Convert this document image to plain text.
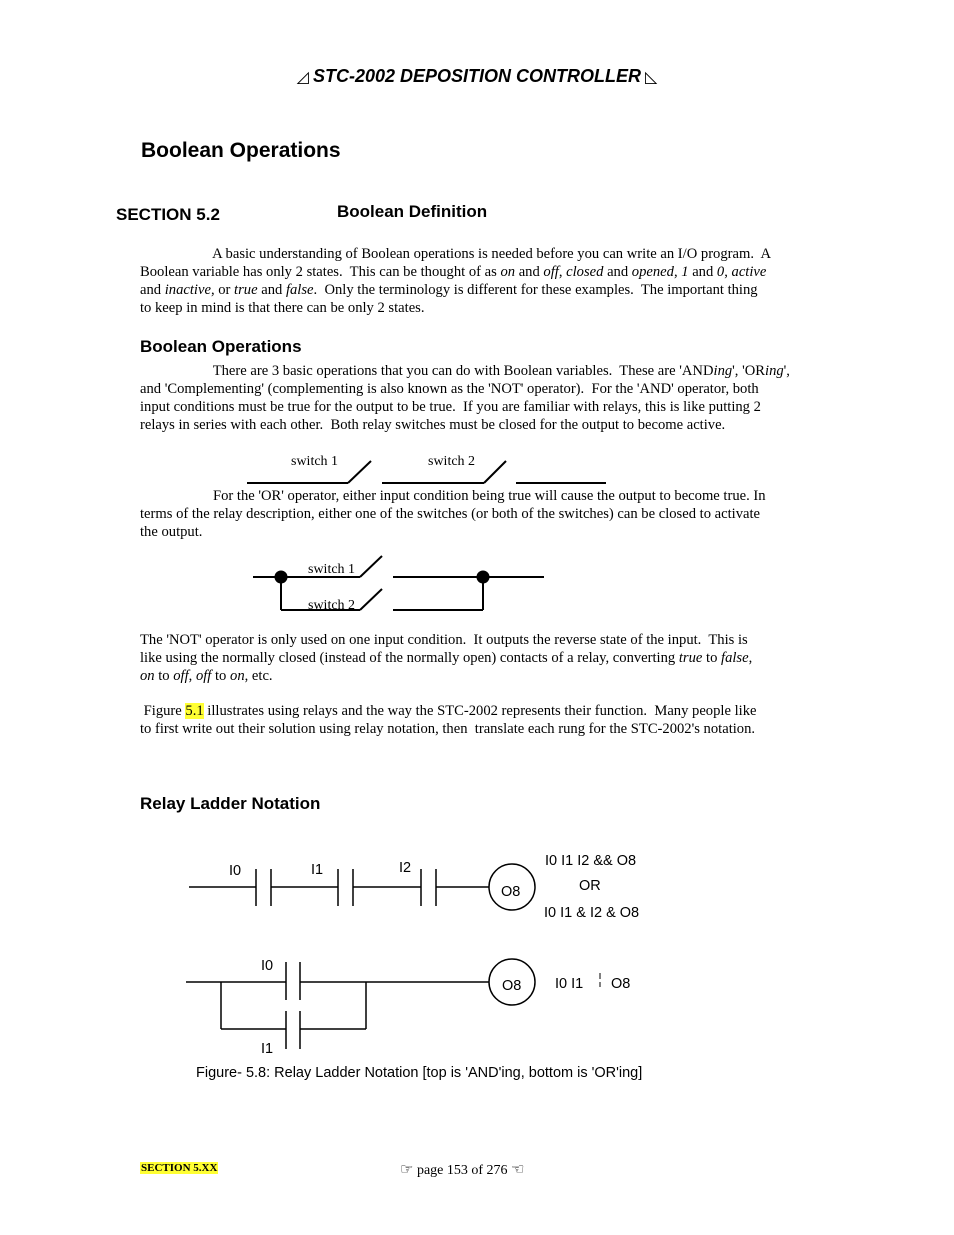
◿ STC-2002 DEPOSITION CONTROLLER ◺
Boolean Operations
SECTION 5.2	Boolean Definition
A basic understanding of Boolean operations is needed before you can write an I/O program.  A
Boolean variable has only 2 states.  This can be thought of as on and off, closed and opened, 1 and 0, active
and inactive, or true and false.  Only the terminology is different for these examples.  The important thing
to keep in mind is that there can be only 2 states.
Boolean Operations
There are 3 basic operations that you can do with Boolean variables.  These are 'ANDing', 'ORing',
and 'Complementing' (complementing is also known as the 'NOT' operator).  For the 'AND' operator, both
input conditions must be true for the output to be true.  If you are familiar with relays, this is like putting 2
relays in series with each other.  Both relay switches must be closed for the output to become active.
switch 1	switch 2
For the 'OR' operator, either input condition being true will cause the output to become true. In
terms of the relay description, either one of the switches (or both of the switches) can be closed to activate
the output.
switch 1
switch 2
The 'NOT' operator is only used on one input condition.  It outputs the reverse state of the input.  This is
like using the normally closed (instead of the normally open) contacts of a relay, converting true to false,
on to off, off to on, etc.
Figure 5.1 illustrates using relays and the way the STC-2002 represents their function.  Many people like
to first write out their solution using relay notation, then  translate each rung for the STC-2002's notation.
Relay Ladder Notation
I0	I1	I2
O8
I0 I1 I2 && O8
OR
I0 I1 & I2 & O8
I0
I1
O8 I0 I1 O8
Figure- 5.8: Relay Ladder Notation [top is 'AND'ing, bottom is 'OR'ing]
SECTION 5.XX	☞ page 153 of 276 ☜
